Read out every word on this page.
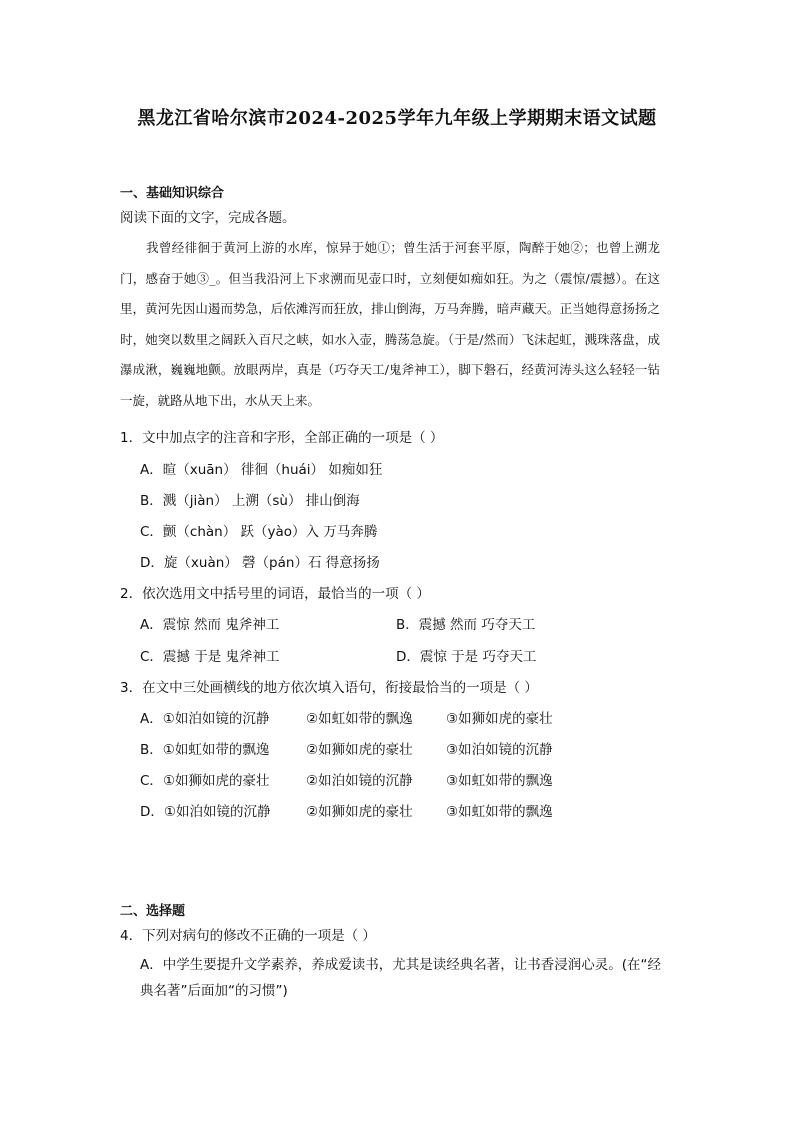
黑龙江省哈尔滨市2024-2025学年九年级上学期期末语文试题
一、基础知识综合
阅读下面的文字，完成各题。
我曾经徘徊于黄河上游的水库，惊异于她①；曾生活于河套平原，陶醉于她②；也曾上溯龙门，感奋于她③_。但当我沿河上下求溯而见壶口时，立刻便如痴如狂。为之（震惊/震撼）。在这里，黄河先因山遏而势急，后依滩泻而狂放，排山倒海，万马奔腾，暗声藏天。正当她得意扬扬之时，她突以数里之阔跃入百尺之峡，如水入壶，腾荡急旋。（于是/然而）飞沫起虹，溅珠落盘，成瀑成湫，巍巍地颤。放眼两岸，真是（巧夺天工/鬼斧神工），脚下磐石，经黄河涛头这么轻轻一钻一旋，就路从地下出，水从天上来。
1．文中加点字的注音和字形，全部正确的一项是（ ）
A．暄（xuān） 徘徊（huái） 如痴如狂
B．溅（jiàn） 上溯（sù） 排山倒海
C．颤（chàn） 跃（yào）入 万马奔腾
D．旋（xuàn） 磬（pán）石 得意扬扬
2．依次选用文中括号里的词语，最恰当的一项（ ）
A．震惊 然而 鬼斧神工	B．震撼 然而 巧夺天工
C．震撼 于是 鬼斧神工	D．震惊 于是 巧夺天工
3．在文中三处画横线的地方依次填入语句，衔接最恰当的一项是（ ）
A．①如泊如镜的沉静	②如虹如带的飘逸 ③如狮如虎的豪壮
B．①如虹如带的飘逸	②如狮如虎的豪壮 ③如泊如镜的沉静
C．①如狮如虎的豪壮	②如泊如镜的沉静 ③如虹如带的飘逸
D．①如泊如镜的沉静	②如狮如虎的豪壮 ③如虹如带的飘逸
二、选择题
4．下列对病句的修改不正确的一项是（ ）
A．中学生要提升文学素养，养成爱读书，尤其是读经典名著，让书香浸润心灵。(在“经典名著”后面加“的习惯”)
